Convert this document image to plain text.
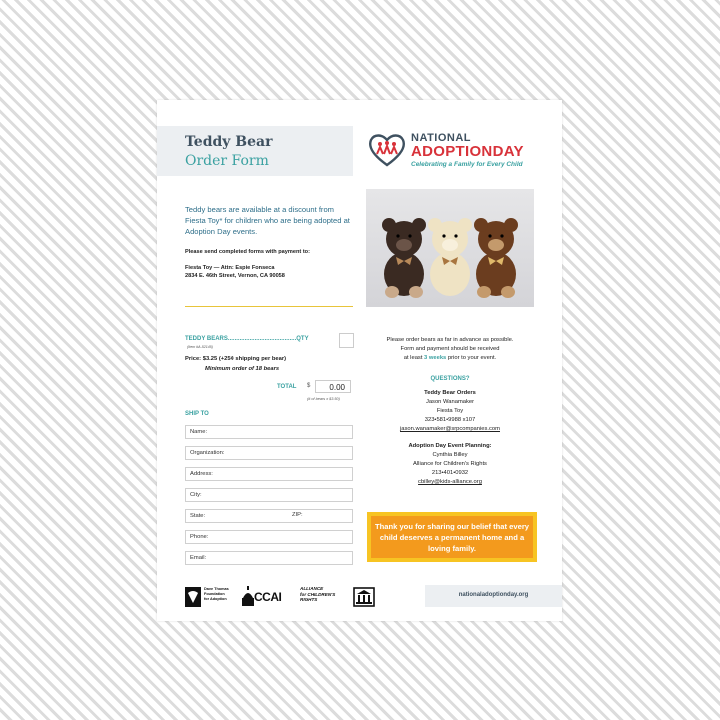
Teddy Bear
Order Form
NATIONAL
ADOPTIONDAY
Celebrating a Family for Every Child
Teddy bears are available at a discount from Fiesta Toy* for children who are being adopted at Adoption Day events.
Please send completed forms with payment to:
Fiesta Toy — Attn: Espie Fonseca
2834 E. 46th Street, Vernon, CA 90058
TEDDY BEARS.........................................QTY
(Item #A-52145)
Price: $3.25 (+25¢ shipping per bear)
Minimum order of 18 bears
TOTAL $	0.00
(# of bears x $3.50)
SHIP TO
Name:
Organization:
Address:
City:
State:	ZIP:
Phone:
Email:
Please order bears as far in advance as possible.
Form and payment should be received
at least 3 weeks prior to your event.
QUESTIONS?
Teddy Bear Orders
Jason Wanamaker
Fiesta Toy
323•581•9988 x107
jason.wanamaker@srpcompanies.com
Adoption Day Event Planning:
Cynthia Billey
Alliance for Children's Rights
213•401•0932
cbilley@kids-alliance.org
Thank you for sharing our belief that every child deserves a permanent home and a loving family.
Dave Thomas
Foundation
for Adoption CCAI
ALLIANCE
for CHILDREN'S
RIGHTS
nationaladoptionday.org
